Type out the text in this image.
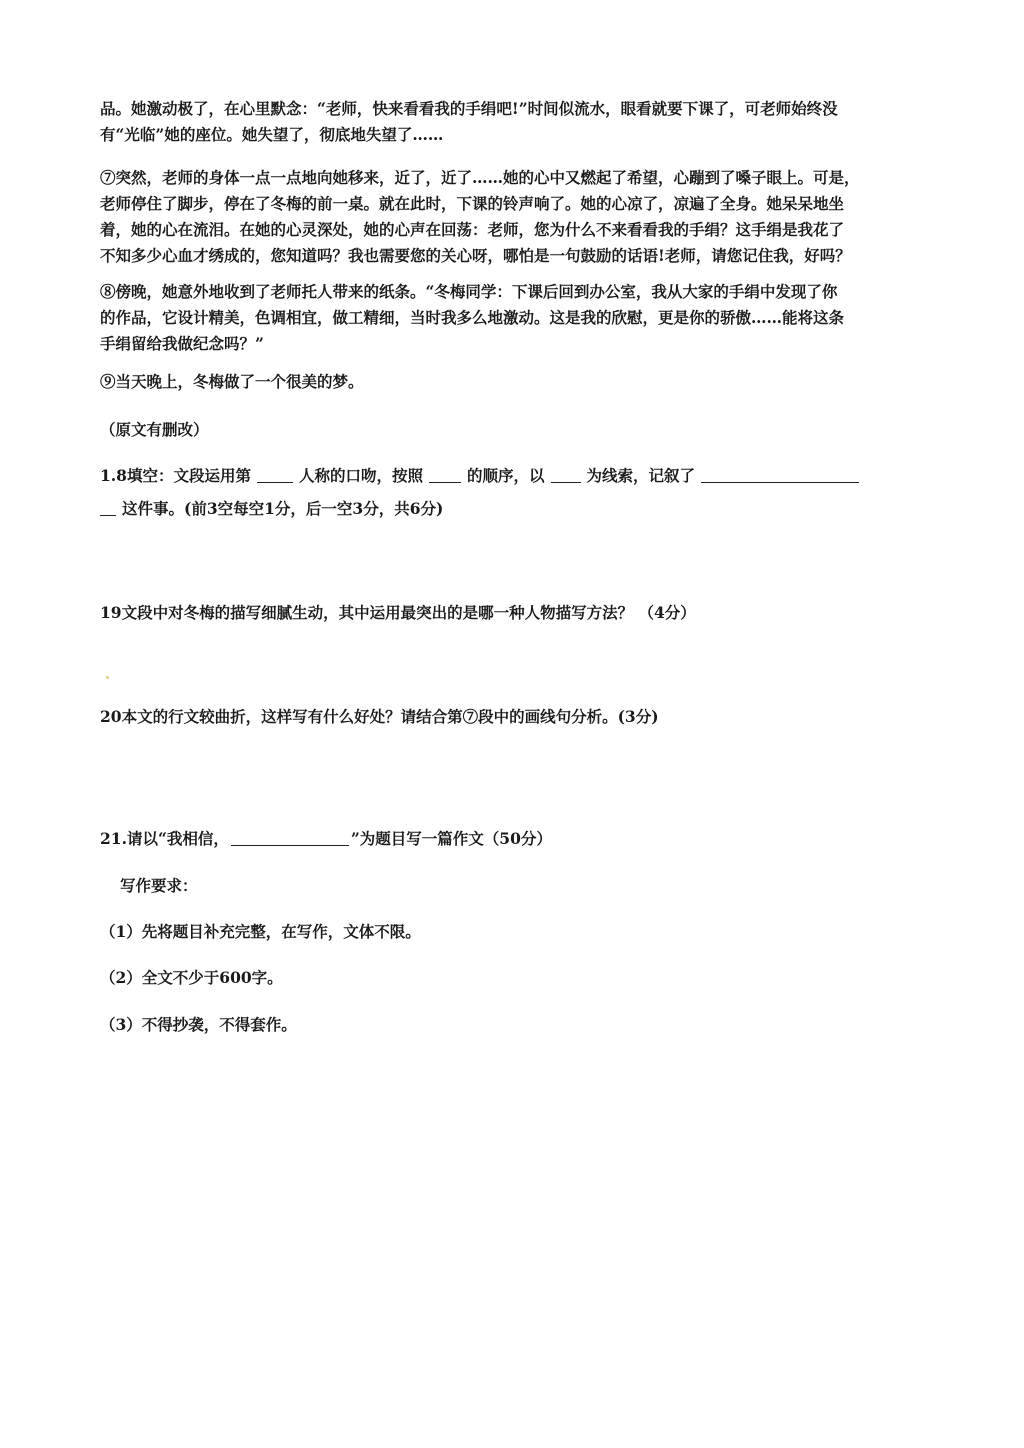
品。她激动极了，在心里默念：“老师，快来看看我的手绢吧!”时间似流水，眼看就要下课了，可老师始终没
有“光临”她的座位。她失望了，彻底地失望了……
⑦突然，老师的身体一点一点地向她移来，近了，近了……她的心中又燃起了希望，心蹦到了嗓子眼上。可是，
老师停住了脚步，停在了冬梅的前一桌。就在此时，下课的铃声响了。她的心凉了，凉遍了全身。她呆呆地坐
着，她的心在流泪。在她的心灵深处，她的心声在回荡：老师，您为什么不来看看我的手绢？这手绢是我花了
不知多少心血才绣成的，您知道吗？我也需要您的关心呀，哪怕是一句鼓励的话语!老师，请您记住我，好吗？
⑧傍晚，她意外地收到了老师托人带来的纸条。“冬梅同学：下课后回到办公室，我从大家的手绢中发现了你
的作品，它设计精美，色调相宜，做工精细，当时我多么地激动。这是我的欣慰，更是你的骄傲……能将这条
手绢留给我做纪念吗？”
⑨当天晚上，冬梅做了一个很美的梦。
（原文有删改）
1.8填空：文段运用第	人称的口吻，按照	的顺序，以	为线索，记叙了
这件事。(前3空每空1分，后一空3分，共6分)
19文段中对冬梅的描写细腻生动，其中运用最突出的是哪一种人物描写方法？ （4分）
20本文的行文较曲折，这样写有什么好处？请结合第⑦段中的画线句分析。(3分)
21.请以“我相信，	”为题目写一篇作文（50分）
写作要求：
（1）先将题目补充完整，在写作，文体不限。
（2）全文不少于600字。
（3）不得抄袭，不得套作。
